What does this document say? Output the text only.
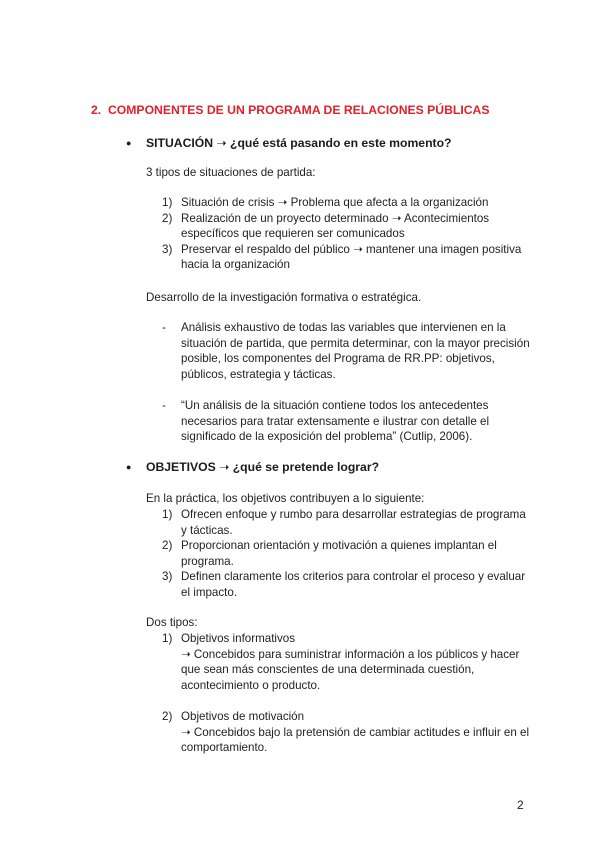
2. COMPONENTES DE UN PROGRAMA DE RELACIONES PÚBLICAS
● SITUACIÓN ➝ ¿qué está pasando en este momento?
3 tipos de situaciones de partida:
1) Situación de crisis ➝ Problema que afecta a la organización
2) Realización de un proyecto determinado ➝ Acontecimientos específicos que requieren ser comunicados
3) Preservar el respaldo del público ➝ mantener una imagen positiva hacia la organización
Desarrollo de la investigación formativa o estratégica.
- Análisis exhaustivo de todas las variables que intervienen en la situación de partida, que permita determinar, con la mayor precisión posible, los componentes del Programa de RR.PP: objetivos, públicos, estrategia y tácticas.
- “Un análisis de la situación contiene todos los antecedentes necesarios para tratar extensamente e ilustrar con detalle el significado de la exposición del problema” (Cutlip, 2006).
● OBJETIVOS ➝ ¿qué se pretende lograr?
En la práctica, los objetivos contribuyen a lo siguiente:
1) Ofrecen enfoque y rumbo para desarrollar estrategias de programa y tácticas.
2) Proporcionan orientación y motivación a quienes implantan el programa.
3) Definen claramente los criterios para controlar el proceso y evaluar el impacto.
Dos tipos:
1) Objetivos informativos
➝ Concebidos para suministrar información a los públicos y hacer que sean más conscientes de una determinada cuestión, acontecimiento o producto.
2) Objetivos de motivación
➝ Concebidos bajo la pretensión de cambiar actitudes e influir en el comportamiento.
2
